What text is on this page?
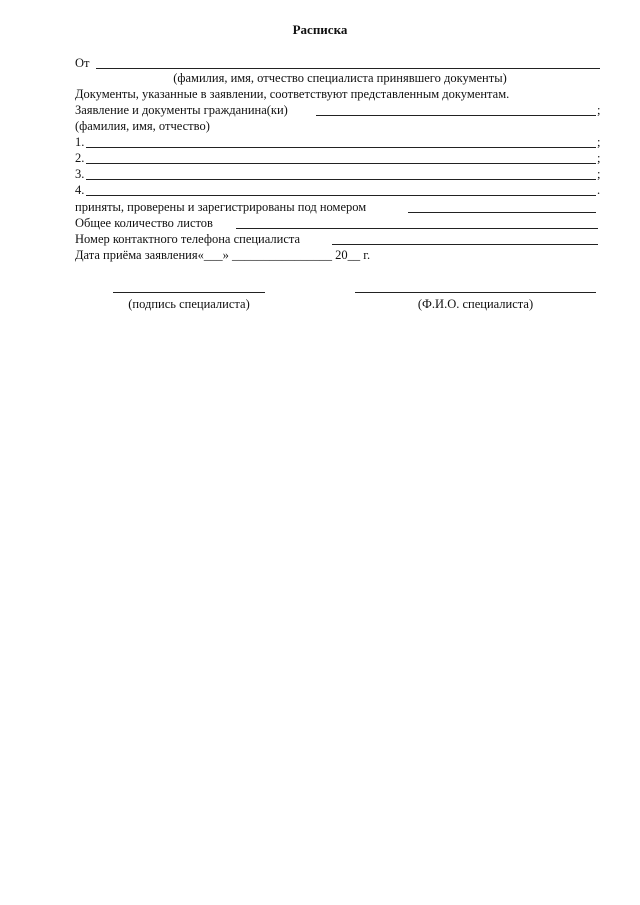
Расписка
От
(фамилия, имя, отчество специалиста принявшего документы)
Документы, указанные в заявлении, соответствуют представленным документам.
Заявление и документы гражданина(ки)	;
(фамилия, имя, отчество)
1.	;
2.	;
3.	;
4.	.
приняты, проверены и зарегистрированы под номером
Общее количество листов
Номер контактного телефона специалиста
Дата приёма заявления«___» ________________ 20__ г.
(подпись специалиста)	(Ф.И.О. специалиста)
